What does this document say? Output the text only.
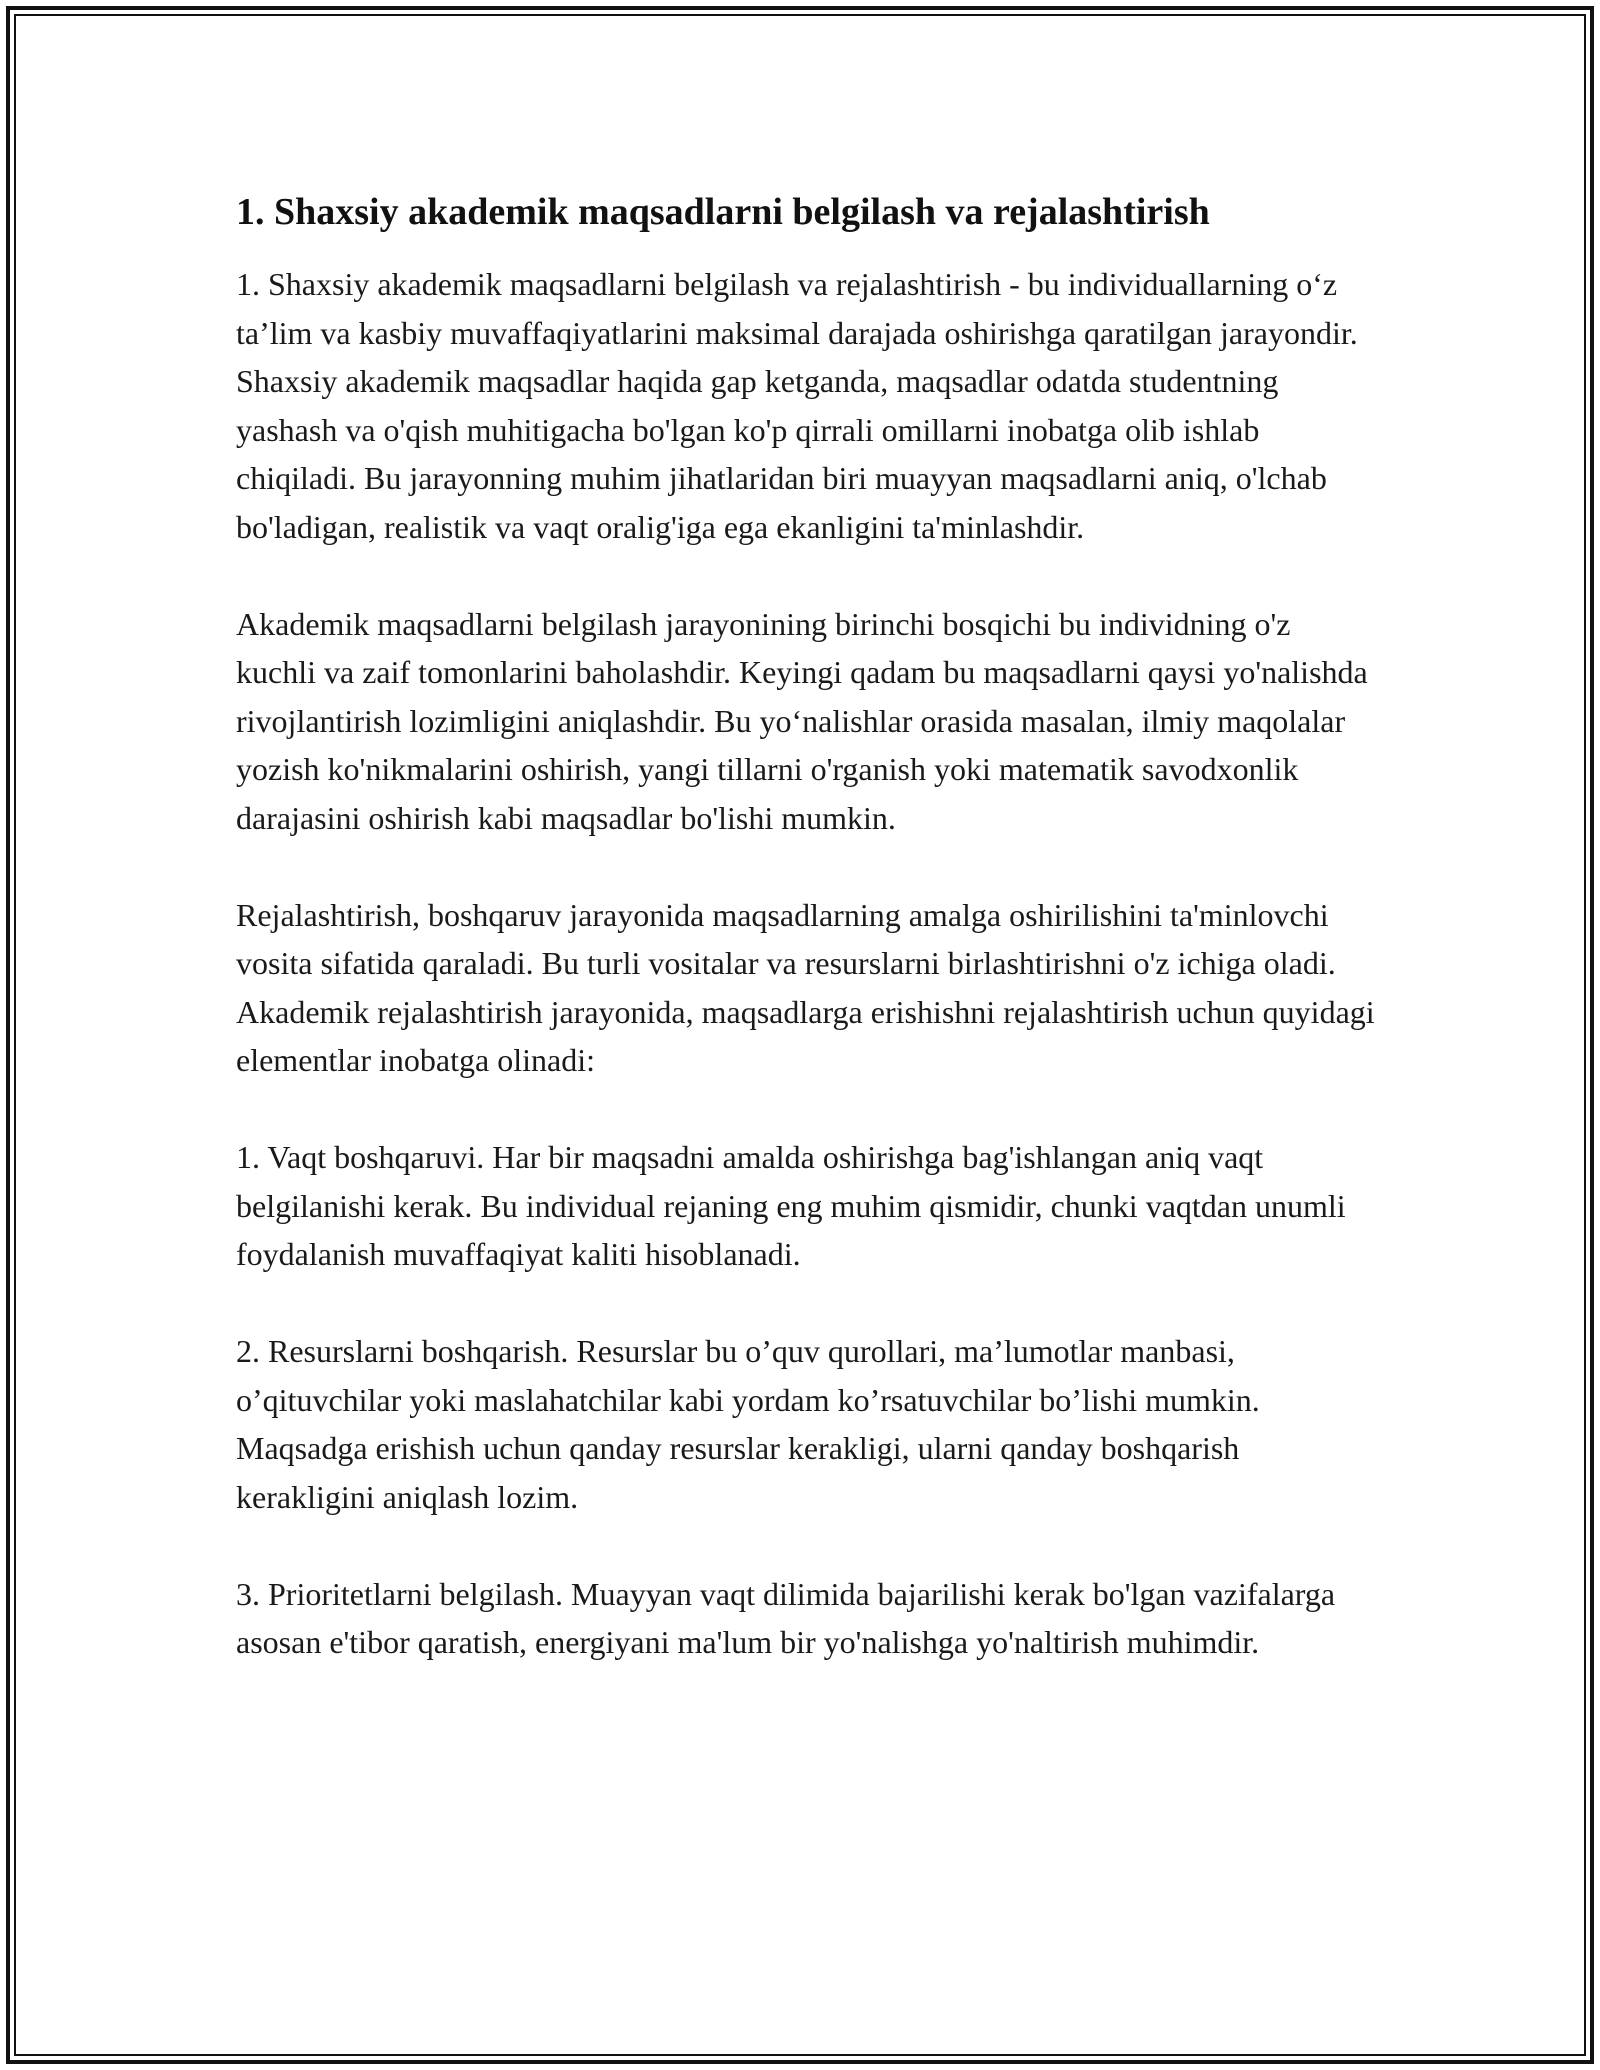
1. Shaxsiy akademik maqsadlarni belgilash va rejalashtirish

1. Shaxsiy akademik maqsadlarni belgilash va rejalashtirish - bu individuallarning o‘z ta’lim va kasbiy muvaffaqiyatlarini maksimal darajada oshirishga qaratilgan jarayondir. Shaxsiy akademik maqsadlar haqida gap ketganda, maqsadlar odatda studentning yashash va o'qish muhitigacha bo'lgan ko'p qirrali omillarni inobatga olib ishlab chiqiladi. Bu jarayonning muhim jihatlaridan biri muayyan maqsadlarni aniq, o'lchab bo'ladigan, realistik va vaqt oralig'iga ega ekanligini ta'minlashdir.

Akademik maqsadlarni belgilash jarayonining birinchi bosqichi bu individning o'z kuchli va zaif tomonlarini baholashdir. Keyingi qadam bu maqsadlarni qaysi yo'nalishda rivojlantirish lozimligini aniqlashdir. Bu yo‘nalishlar orasida masalan, ilmiy maqolalar yozish ko'nikmalarini oshirish, yangi tillarni o'rganish yoki matematik savodxonlik darajasini oshirish kabi maqsadlar bo'lishi mumkin.

Rejalashtirish, boshqaruv jarayonida maqsadlarning amalga oshirilishini ta'minlovchi vosita sifatida qaraladi. Bu turli vositalar va resurslarni birlashtirishni o'z ichiga oladi. Akademik rejalashtirish jarayonida, maqsadlarga erishishni rejalashtirish uchun quyidagi elementlar inobatga olinadi:

1. Vaqt boshqaruvi. Har bir maqsadni amalda oshirishga bag'ishlangan aniq vaqt belgilanishi kerak. Bu individual rejaning eng muhim qismidir, chunki vaqtdan unumli foydalanish muvaffaqiyat kaliti hisoblanadi.

2. Resurslarni boshqarish. Resurslar bu o’quv qurollari, ma’lumotlar manbasi, o’qituvchilar yoki maslahatchilar kabi yordam ko’rsatuvchilar bo’lishi mumkin. Maqsadga erishish uchun qanday resurslar kerakligi, ularni qanday boshqarish kerakligini aniqlash lozim.

3. Prioritetlarni belgilash. Muayyan vaqt dilimida bajarilishi kerak bo'lgan vazifalarga asosan e'tibor qaratish, energiyani ma'lum bir yo'nalishga yo'naltirish muhimdir.
